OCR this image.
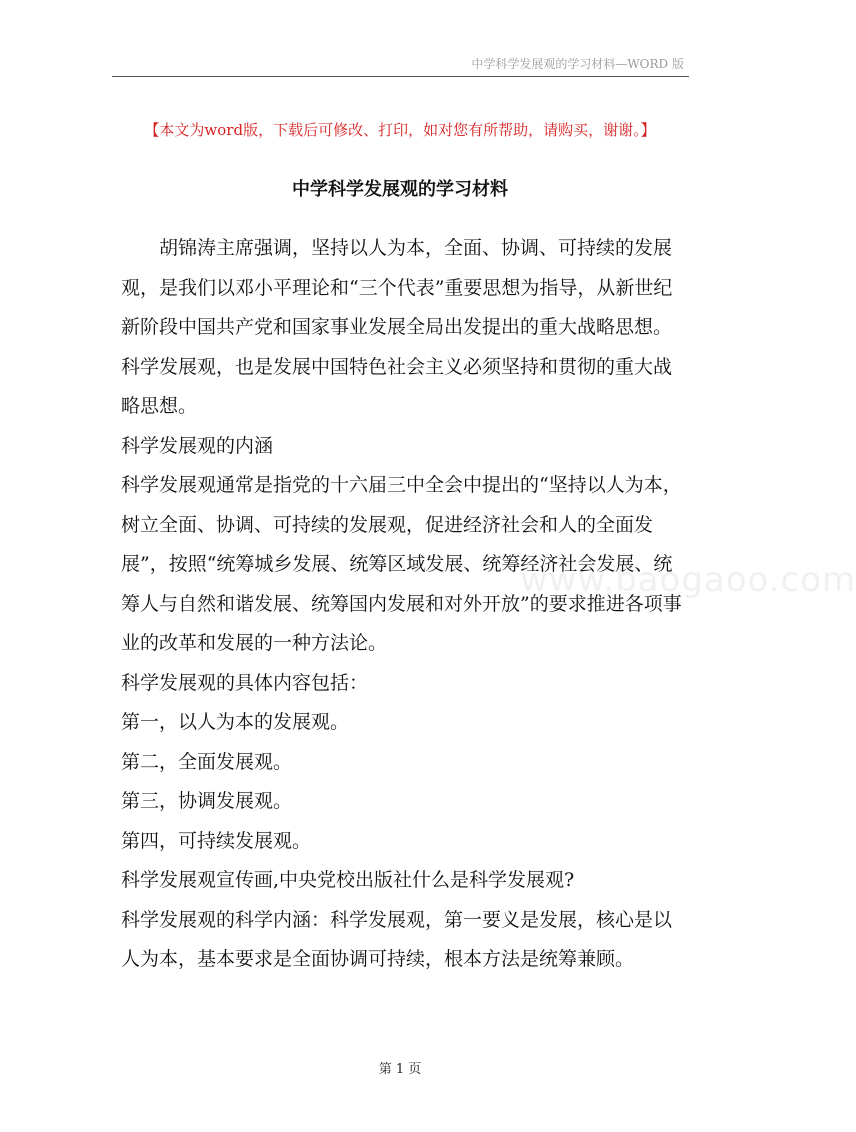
中学科学发展观的学习材料—WORD 版
【本文为word版，下载后可修改、打印，如对您有所帮助，请购买，谢谢。】
中学科学发展观的学习材料
www.baogaoo.com

胡锦涛主席强调，坚持以人为本，全面、协调、可持续的发展观，是我们以邓小平理论和“三个代表”重要思想为指导，从新世纪新阶段中国共产党和国家事业发展全局出发提出的重大战略思想。

科学发展观，也是发展中国特色社会主义必须坚持和贯彻的重大战略思想。

科学发展观的内涵

科学发展观通常是指党的十六届三中全会中提出的“坚持以人为本，树立全面、协调、可持续的发展观，促进经济社会和人的全面发展”，按照“统筹城乡发展、统筹区域发展、统筹经济社会发展、统筹人与自然和谐发展、统筹国内发展和对外开放”的要求推进各项事业的改革和发展的一种方法论。

科学发展观的具体内容包括：

第一，以人为本的发展观。

第二，全面发展观。

第三，协调发展观。

第四，可持续发展观。

科学发展观宣传画,中央党校出版社什么是科学发展观?

科学发展观的科学内涵：科学发展观，第一要义是发展，核心是以人为本，基本要求是全面协调可持续，根本方法是统筹兼顾。

第 1 页
